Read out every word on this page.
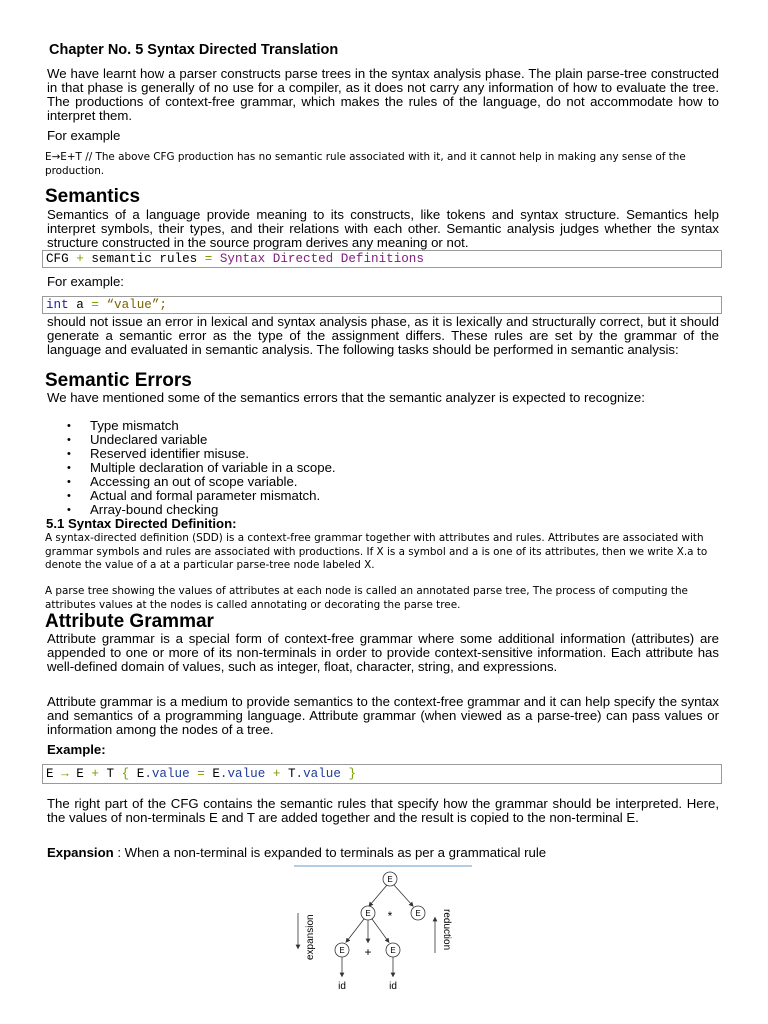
Chapter No. 5 Syntax Directed Translation

We have learnt how a parser constructs parse trees in the syntax analysis phase. The plain parse-tree constructed in that phase is generally of no use for a compiler, as it does not carry any information of how to evaluate the tree. The productions of context-free grammar, which makes the rules of the language, do not accommodate how to interpret them.

For example

E→E+T // The above CFG production has no semantic rule associated with it, and it cannot help in making any sense of the production.

Semantics

Semantics of a language provide meaning to its constructs, like tokens and syntax structure. Semantics help interpret symbols, their types, and their relations with each other. Semantic analysis judges whether the syntax structure constructed in the source program derives any meaning or not.

CFG + semantic rules = Syntax Directed Definitions

For example:

int a = “value”;

should not issue an error in lexical and syntax analysis phase, as it is lexically and structurally correct, but it should generate a semantic error as the type of the assignment differs. These rules are set by the grammar of the language and evaluated in semantic analysis. The following tasks should be performed in semantic analysis:

Semantic Errors

We have mentioned some of the semantics errors that the semantic analyzer is expected to recognize:

• Type mismatch
• Undeclared variable
• Reserved identifier misuse.
• Multiple declaration of variable in a scope.
• Accessing an out of scope variable.
• Actual and formal parameter mismatch.
• Array-bound checking

5.1 Syntax Directed Definition:

A syntax-directed definition (SDD) is a context-free grammar together with attributes and rules. Attributes are associated with grammar symbols and rules are associated with productions. If X is a symbol and a is one of its attributes, then we write X.a to denote the value of a at a particular parse-tree node labeled X.

A parse tree showing the values of attributes at each node is called an annotated parse tree, The process of computing the attributes values at the nodes is called annotating or decorating the parse tree.

Attribute Grammar

Attribute grammar is a special form of context-free grammar where some additional information (attributes) are appended to one or more of its non-terminals in order to provide context-sensitive information. Each attribute has well-defined domain of values, such as integer, float, character, string, and expressions.

Attribute grammar is a medium to provide semantics to the context-free grammar and it can help specify the syntax and semantics of a programming language. Attribute grammar (when viewed as a parse-tree) can pass values or information among the nodes of a tree.

Example:

E → E + T { E.value = E.value + T.value }

The right part of the CFG contains the semantic rules that specify how the grammar should be interpreted. Here, the values of non-terminals E and T are added together and the result is copied to the non-terminal E.

Expansion : When a non-terminal is expanded to terminals as per a grammatical rule

E
E	E
*
E	E
+
id	id
expansion	reduction
